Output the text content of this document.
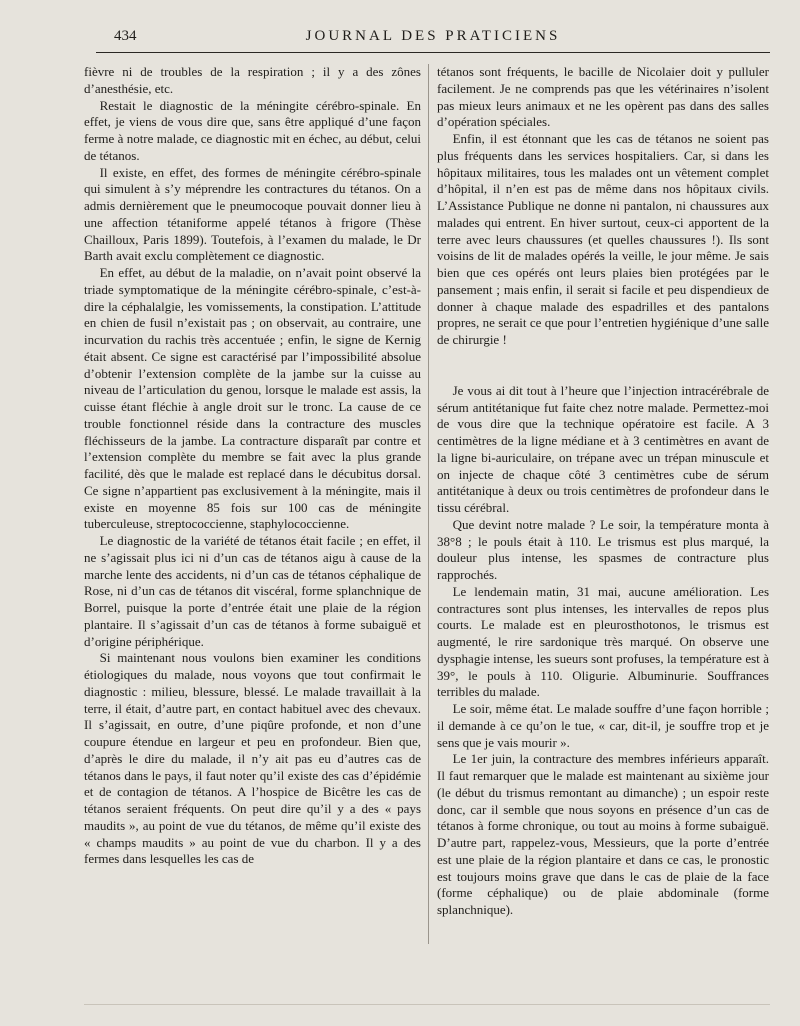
434	JOURNAL DES PRATICIENS

fièvre ni de troubles de la respiration ; il y a des zônes d’anesthésie, etc.

Restait le diagnostic de la méningite cérébro-spinale. En effet, je viens de vous dire que, sans être appliqué d’une façon ferme à notre malade, ce diagnostic mit en échec, au début, celui de tétanos.

Il existe, en effet, des formes de méningite cérébro-spinale qui simulent à s’y méprendre les contractures du tétanos. On a admis dernièrement que le pneumocoque pouvait donner lieu à une affection tétaniforme appelé tétanos à frigore (Thèse Chailloux, Paris 1899). Toutefois, à l’examen du malade, le Dr Barth avait exclu complètement ce diagnostic.

En effet, au début de la maladie, on n’avait point observé la triade symptomatique de la méningite cérébro-spinale, c’est-à-dire la céphalalgie, les vomissements, la constipation. L’attitude en chien de fusil n’existait pas ; on observait, au contraire, une incurvation du rachis très accentuée ; enfin, le signe de Kernig était absent. Ce signe est caractérisé par l’impossibilité absolue d’obtenir l’extension complète de la jambe sur la cuisse au niveau de l’articulation du genou, lorsque le malade est assis, la cuisse étant fléchie à angle droit sur le tronc. La cause de ce trouble fonctionnel réside dans la contracture des muscles fléchisseurs de la jambe. La contracture disparaît par contre et l’extension complète du membre se fait avec la plus grande facilité, dès que le malade est replacé dans le décubitus dorsal. Ce signe n’appartient pas exclusivement à la méningite, mais il existe en moyenne 85 fois sur 100 cas de méningite tuberculeuse, streptococcienne, staphylococcienne.

Le diagnostic de la variété de tétanos était facile ; en effet, il ne s’agissait plus ici ni d’un cas de tétanos aigu à cause de la marche lente des accidents, ni d’un cas de tétanos céphalique de Rose, ni d’un cas de tétanos dit viscéral, forme splanchnique de Borrel, puisque la porte d’entrée était une plaie de la région plantaire. Il s’agissait d’un cas de tétanos à forme subaiguë et d’origine périphérique.

Si maintenant nous voulons bien examiner les conditions étiologiques du malade, nous voyons que tout confirmait le diagnostic : milieu, blessure, blessé. Le malade travaillait à la terre, il était, d’autre part, en contact habituel avec des chevaux. Il s’agissait, en outre, d’une piqûre profonde, et non d’une coupure étendue en largeur et peu en profondeur. Bien que, d’après le dire du malade, il n’y ait pas eu d’autres cas de tétanos dans le pays, il faut noter qu’il existe des cas d’épidémie et de contagion de tétanos. A l’hospice de Bicêtre les cas de tétanos seraient fréquents. On peut dire qu’il y a des « pays maudits », au point de vue du tétanos, de même qu’il existe des « champs maudits » au point de vue du charbon. Il y a des fermes dans lesquelles les cas de

tétanos sont fréquents, le bacille de Nicolaier doit y pulluler facilement. Je ne comprends pas que les vétérinaires n’isolent pas mieux leurs animaux et ne les opèrent pas dans des salles d’opération spéciales.

Enfin, il est étonnant que les cas de tétanos ne soient pas plus fréquents dans les services hospitaliers. Car, si dans les hôpitaux militaires, tous les malades ont un vêtement complet d’hôpital, il n’en est pas de même dans nos hôpitaux civils. L’Assistance Publique ne donne ni pantalon, ni chaussures aux malades qui entrent. En hiver surtout, ceux-ci apportent de la terre avec leurs chaussures (et quelles chaussures !). Ils sont voisins de lit de malades opérés la veille, le jour même. Je sais bien que ces opérés ont leurs plaies bien protégées par le pansement ; mais enfin, il serait si facile et peu dispendieux de donner à chaque malade des espadrilles et des pantalons propres, ne serait ce que pour l’entretien hygiénique d’une salle de chirurgie !

Je vous ai dit tout à l’heure que l’injection intracérébrale de sérum antitétanique fut faite chez notre malade. Permettez-moi de vous dire que la technique opératoire est facile. A 3 centimètres de la ligne médiane et à 3 centimètres en avant de la ligne bi-auriculaire, on trépane avec un trépan minuscule et on injecte de chaque côté 3 centimètres cube de sérum antitétanique à deux ou trois centimètres de profondeur dans le tissu cérébral.

Que devint notre malade ? Le soir, la température monta à 38°8 ; le pouls était à 110. Le trismus est plus marqué, la douleur plus intense, les spasmes de contracture plus rapprochés.

Le lendemain matin, 31 mai, aucune amélioration. Les contractures sont plus intenses, les intervalles de repos plus courts. Le malade est en pleurosthotonos, le trismus est augmenté, le rire sardonique très marqué. On observe une dysphagie intense, les sueurs sont profuses, la température est à 39°, le pouls à 110. Oligurie. Albuminurie. Souffrances terribles du malade.

Le soir, même état. Le malade souffre d’une façon horrible ; il demande à ce qu’on le tue, « car, dit-il, je souffre trop et je sens que je vais mourir ».

Le 1er juin, la contracture des membres inférieurs apparaît. Il faut remarquer que le malade est maintenant au sixième jour (le début du trismus remontant au dimanche) ; un espoir reste donc, car il semble que nous soyons en présence d’un cas de tétanos à forme chronique, ou tout au moins à forme subaiguë. D’autre part, rappelez-vous, Messieurs, que la porte d’entrée est une plaie de la région plantaire et dans ce cas, le pronostic est toujours moins grave que dans le cas de plaie de la face (forme céphalique) ou de plaie abdominale (forme splanchnique).
